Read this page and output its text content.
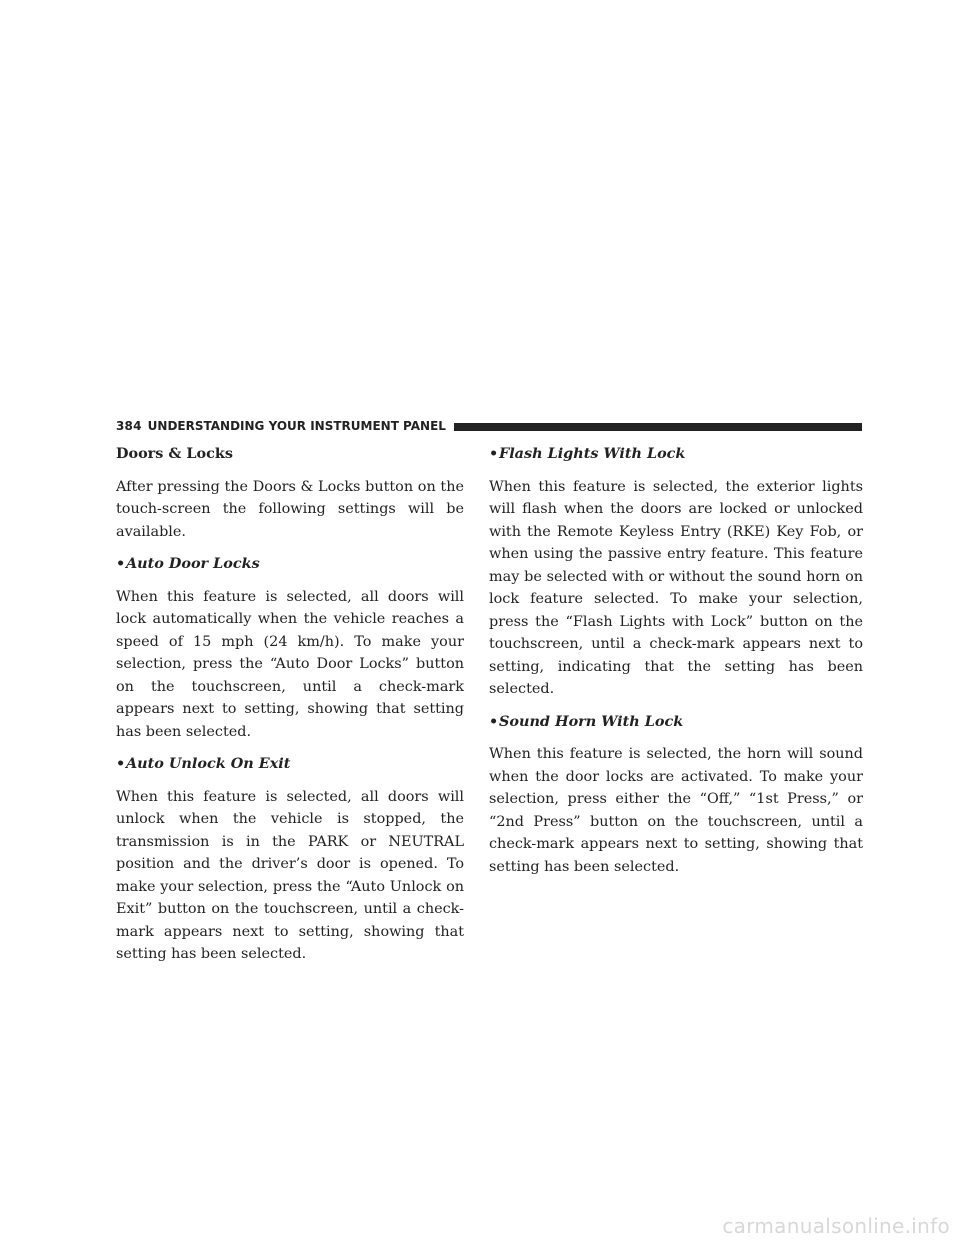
384 UNDERSTANDING YOUR INSTRUMENT PANEL
Doors & Locks

After pressing the Doors & Locks button on the touch-screen the following settings will be available.

•Auto Door Locks

When this feature is selected, all doors will lock automatically when the vehicle reaches a speed of 15 mph (24 km/h). To make your selection, press the “Auto Door Locks” button on the touchscreen, until a check-mark appears next to setting, showing that setting has been selected.

•Auto Unlock On Exit

When this feature is selected, all doors will unlock when the vehicle is stopped, the transmission is in the PARK or NEUTRAL position and the driver’s door is opened. To make your selection, press the “Auto Unlock on Exit” button on the touchscreen, until a check-mark appears next to setting, showing that setting has been selected.

•Flash Lights With Lock

When this feature is selected, the exterior lights will flash when the doors are locked or unlocked with the Remote Keyless Entry (RKE) Key Fob, or when using the passive entry feature. This feature may be selected with or without the sound horn on lock feature selected. To make your selection, press the “Flash Lights with Lock” button on the touchscreen, until a check-mark appears next to setting, indicating that the setting has been selected.

•Sound Horn With Lock

When this feature is selected, the horn will sound when the door locks are activated. To make your selection, press either the “Off,” “1st Press,” or “2nd Press” button on the touchscreen, until a check-mark appears next to setting, showing that setting has been selected.

carmanualsonline.info
